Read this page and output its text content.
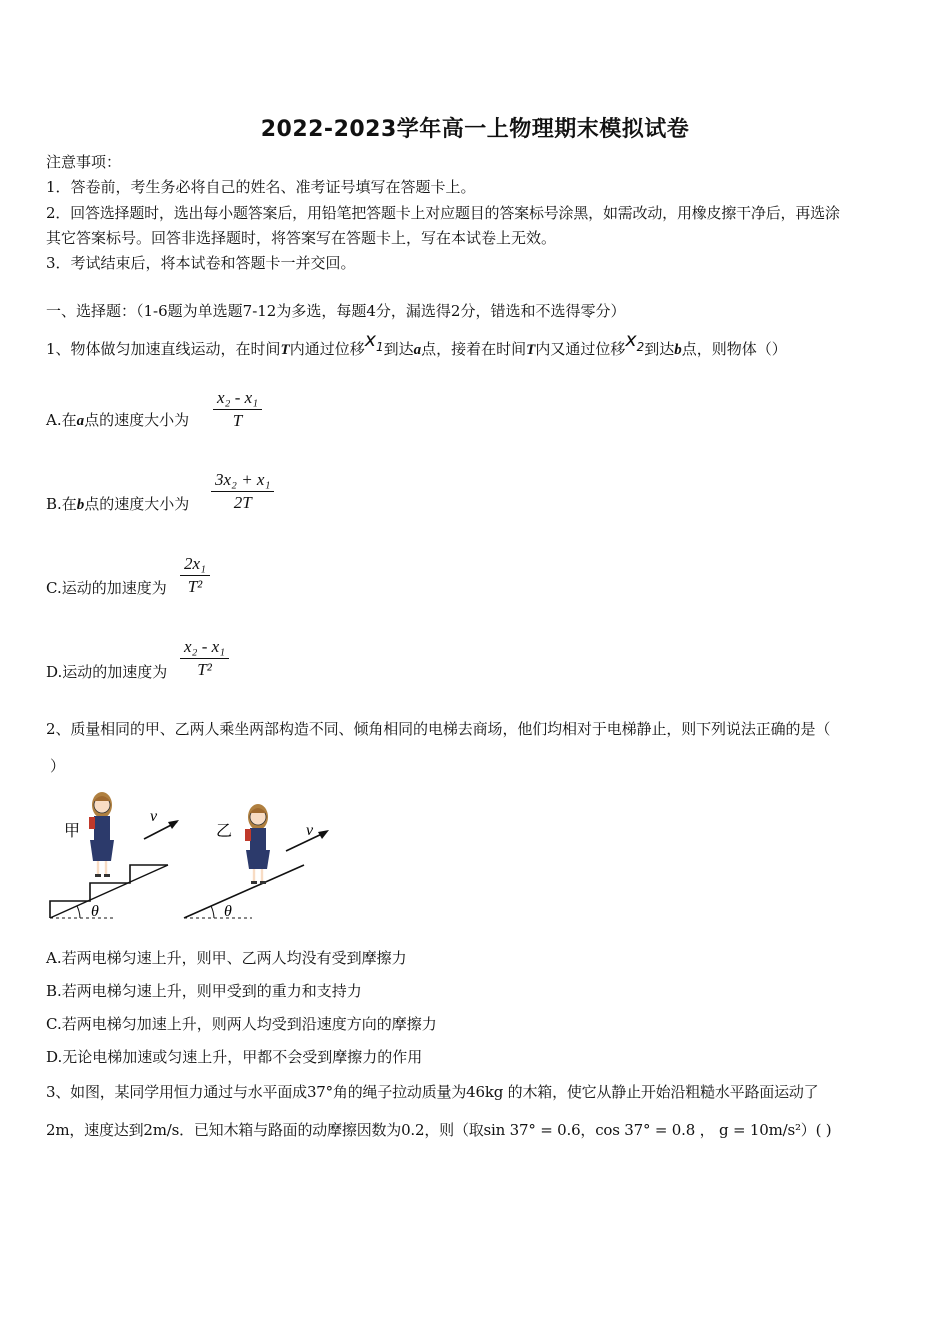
2022-2023学年高一上物理期末模拟试卷
注意事项：
1．答卷前，考生务必将自己的姓名、准考证号填写在答题卡上。
2．回答选择题时，选出每小题答案后，用铅笔把答题卡上对应题目的答案标号涂黑，如需改动，用橡皮擦干净后，再选涂
其它答案标号。回答非选择题时，将答案写在答题卡上，写在本试卷上无效。
3．考试结束后，将本试卷和答题卡一并交回。
一、选择题：（1-6题为单选题7-12为多选，每题4分，漏选得2分，错选和不选得零分）
1、物体做匀加速直线运动，在时间T内通过位移$x_1$到达a点，接着在时间T内又通过位移$x_2$到达b点，则物体（）
A.在a点的速度大小为 $\frac{\text{x₂ - x₁}}{T}$
B.在b点的速度大小为 $\frac{\text{3x₂ + x₁}}{2T}$
C.运动的加速度为 $\frac{\text{2x₁}}{\text{T²}}$
D.运动的加速度为 $\frac{\text{x₂ - x₁}}{\text{T²}}$
2、质量相同的甲、乙两人乘坐两部构造不同、倾角相同的电梯去商场，他们均相对于电梯静止，则下列说法正确的是（
）
θ
甲
v
θ
乙	v
A.若两电梯匀速上升，则甲、乙两人均没有受到摩擦力
B.若两电梯匀速上升，则甲受到的重力和支持力
C.若两电梯匀加速上升，则两人均受到沿速度方向的摩擦力
D.无论电梯加速或匀速上升，甲都不会受到摩擦力的作用
3、如图，某同学用恒力通过与水平面成37°角的绳子拉动质量为46kg 的木箱，使它从静止开始沿粗糙水平路面运动了
2m，速度达到2m/s．已知木箱与路面的动摩擦因数为0.2，则（取sin 37° = 0.6，cos 37° = 0.8 ， g = 10m/s²）( )
